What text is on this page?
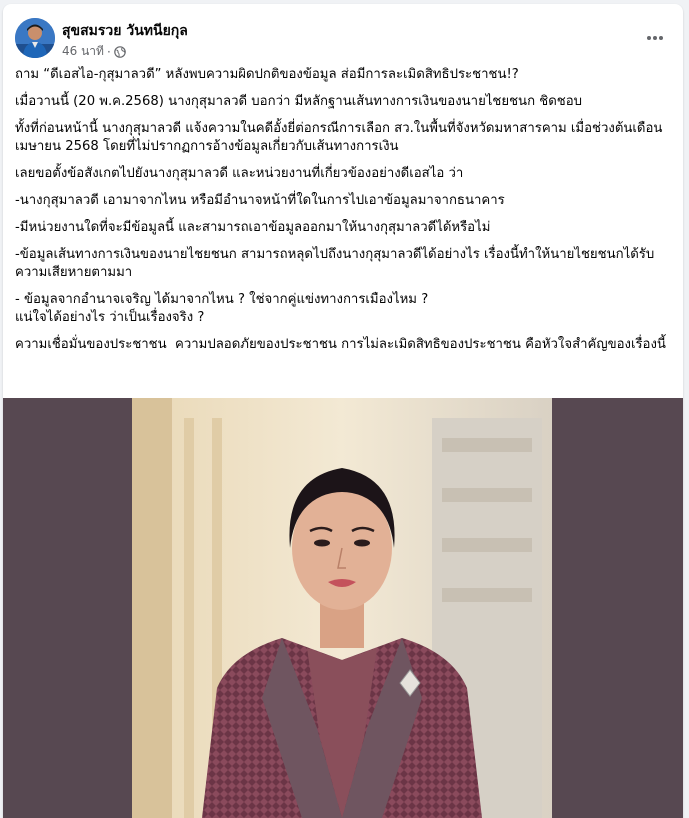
สุขสมรวย วันทนียกุล
46 นาที ·

ถาม “ดีเอสไอ-กุสุมาลวดี” หลังพบความผิดปกติของข้อมูล ส่อมีการละเมิดสิทธิประชาชน!?

เมื่อวานนี้ (20 พ.ค.2568) นางกุสุมาลวดี บอกว่า มีหลักฐานเส้นทางการเงินของนายไชยชนก ชิดชอบ

ทั้งที่ก่อนหน้านี้ นางกุสุมาลวดี แจ้งความในคดีอั้งยี่ต่อกรณีการเลือก สว.ในพื้นที่จังหวัดมหาสารคาม เมื่อช่วงต้นเดือนเมษายน 2568 โดยที่ไม่ปรากฏการอ้างข้อมูลเกี่ยวกับเส้นทางการเงิน

เลยขอตั้งข้อสังเกตไปยังนางกุสุมาลวดี และหน่วยงานที่เกี่ยวข้องอย่างดีเอสไอ ว่า

-นางกุสุมาลวดี เอามาจากไหน หรือมีอำนาจหน้าที่ใดในการไปเอาข้อมูลมาจากธนาคาร

-มีหน่วยงานใดที่จะมีข้อมูลนี้ และสามารถเอาข้อมูลออกมาให้นางกุสุมาลวดีได้หรือไม่

-ข้อมูลเส้นทางการเงินของนายไชยชนก สามารถหลุดไปถึงนางกุสุมาลวดีได้อย่างไร เรื่องนี้ทำให้นายไชยชนกได้รับความเสียหายตามมา

- ข้อมูลจากอำนาจเจริญ ได้มาจากไหน ? ใช่จากคู่แข่งทางการเมืองไหม ?
แน่ใจได้อย่างไร ว่าเป็นเรื่องจริง ?

ความเชื่อมั่นของประชาชน  ความปลอดภัยของประชาชน การไม่ละเมิดสิทธิของประชาชน คือหัวใจสำคัญของเรื่องนี้
